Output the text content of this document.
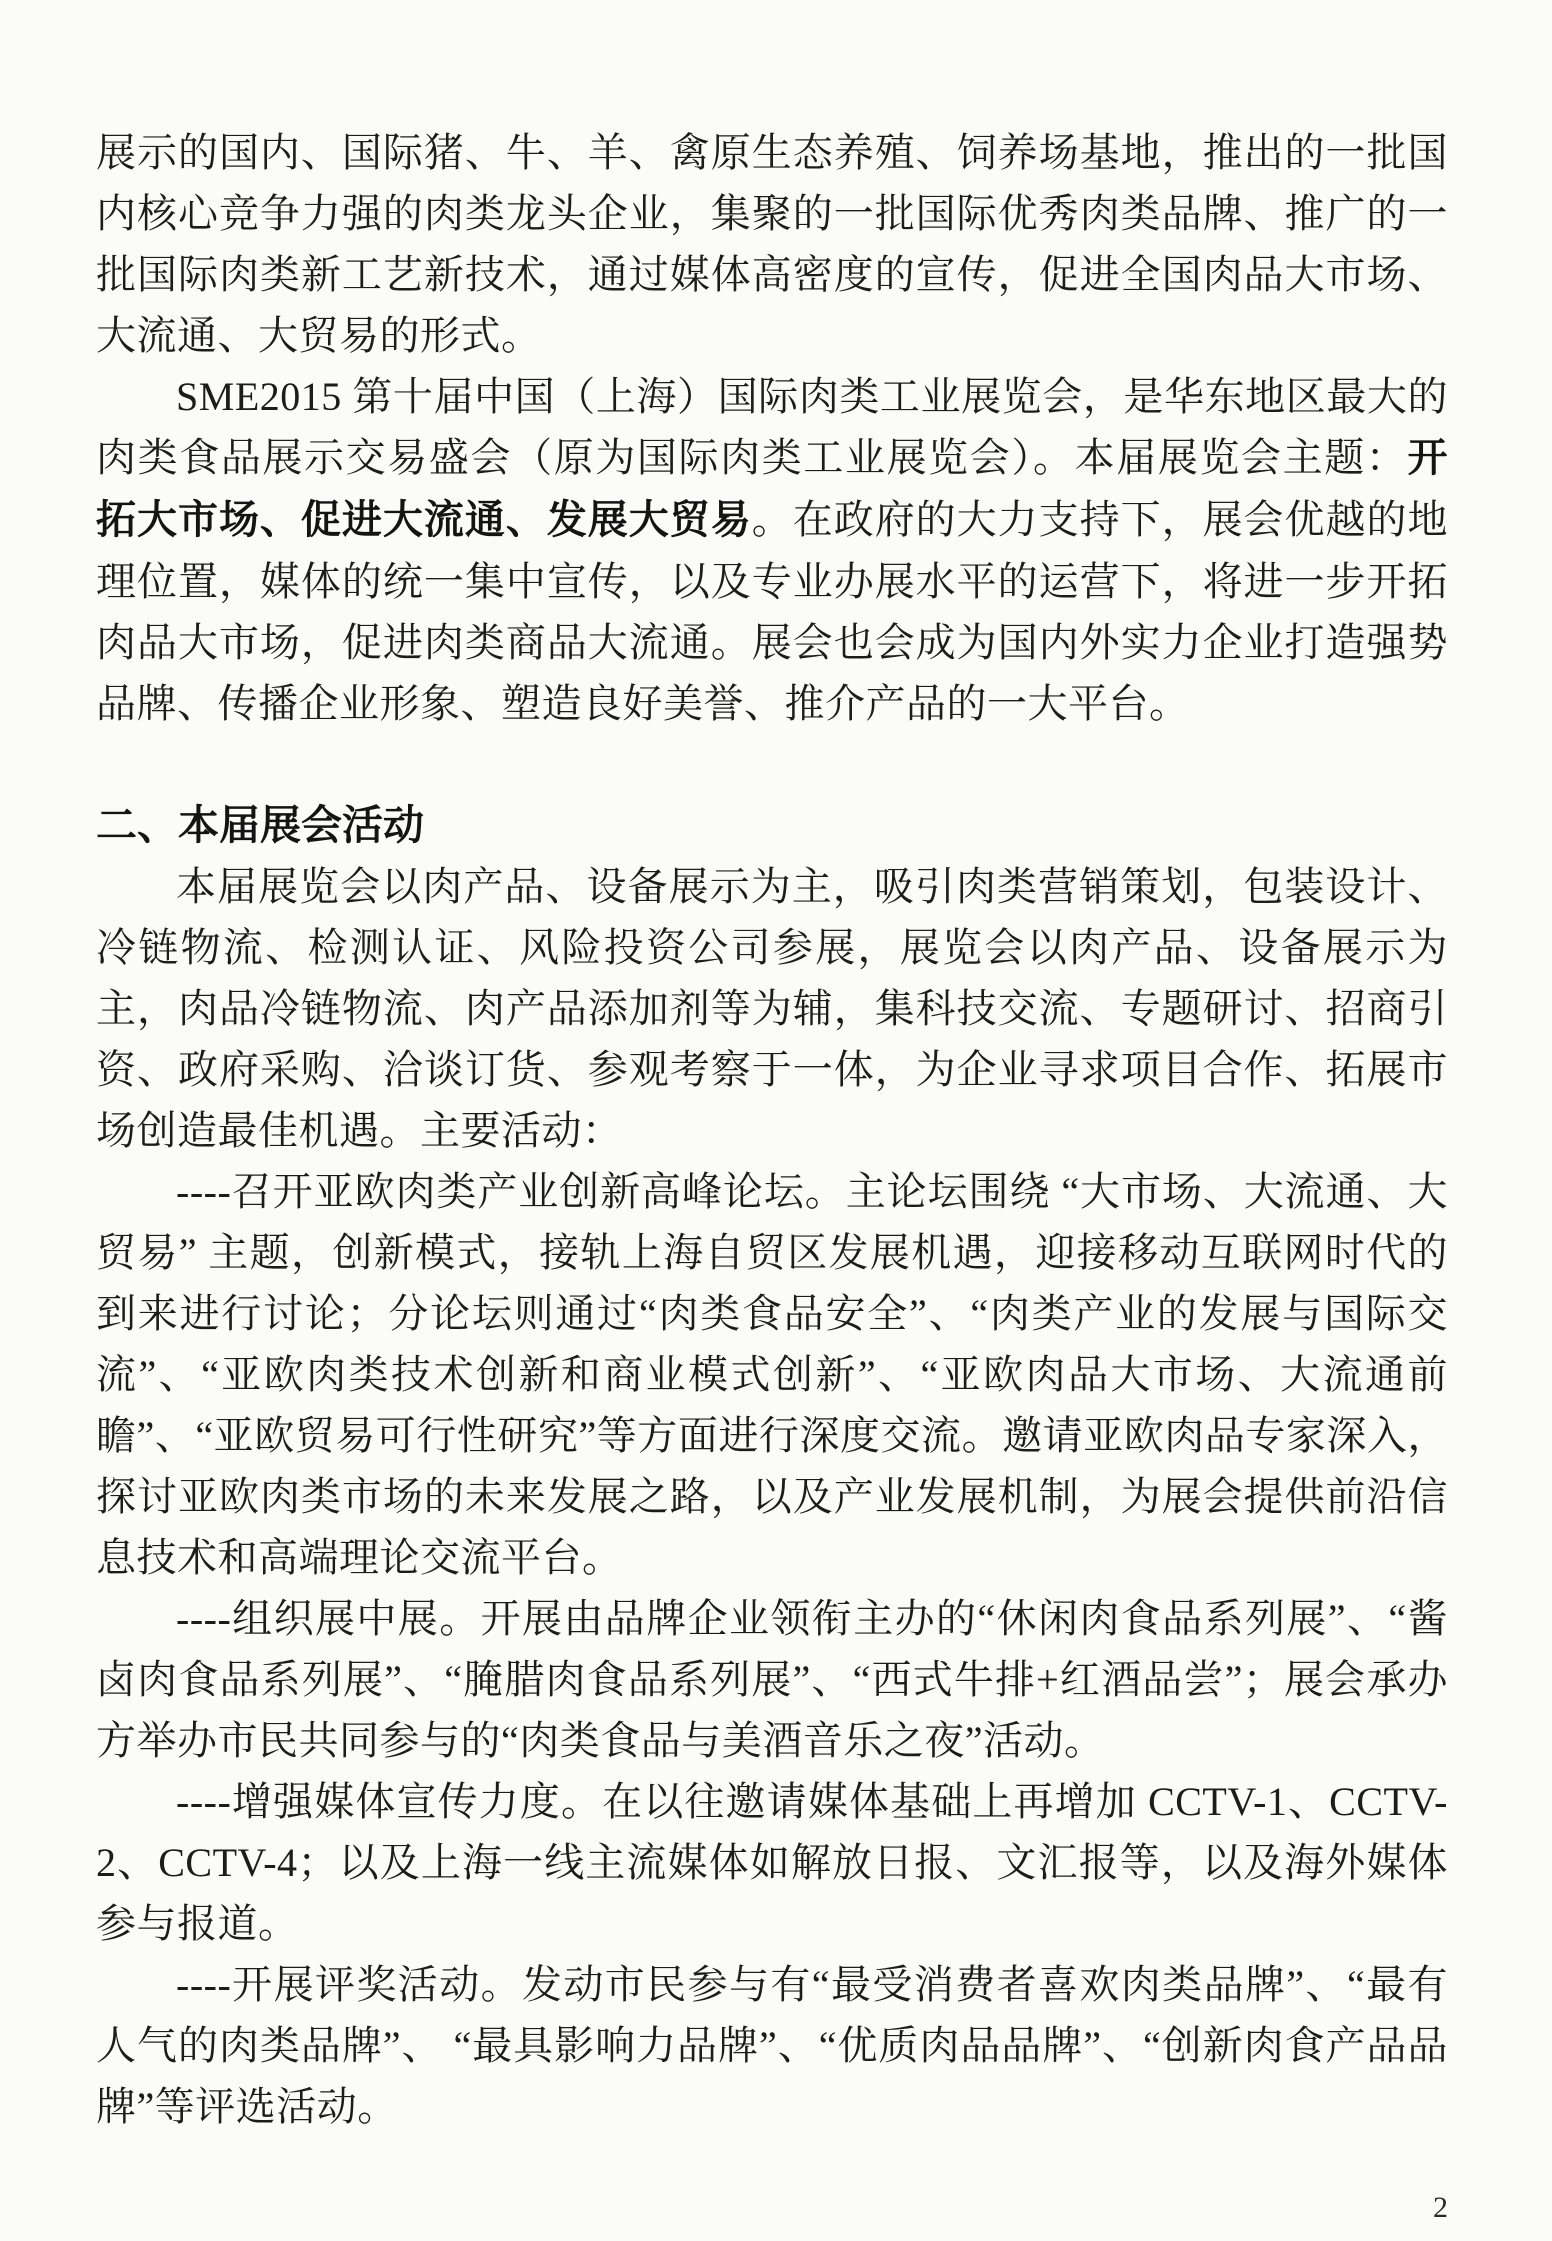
展示的国内、国际猪、牛、羊、禽原生态养殖、饲养场基地，推出的一批国内核心竞争力强的肉类龙头企业，集聚的一批国际优秀肉类品牌、推广的一批国际肉类新工艺新技术，通过媒体高密度的宣传，促进全国肉品大市场、大流通、大贸易的形式。

SME2015 第十届中国（上海）国际肉类工业展览会，是华东地区最大的肉类食品展示交易盛会（原为国际肉类工业展览会）。本届展览会主题：开拓大市场、促进大流通、发展大贸易。在政府的大力支持下，展会优越的地理位置，媒体的统一集中宣传，以及专业办展水平的运营下，将进一步开拓肉品大市场，促进肉类商品大流通。展会也会成为国内外实力企业打造强势品牌、传播企业形象、塑造良好美誉、推介产品的一大平台。

二、本届展会活动

本届展览会以肉产品、设备展示为主，吸引肉类营销策划，包装设计、冷链物流、检测认证、风险投资公司参展，展览会以肉产品、设备展示为主，肉品冷链物流、肉产品添加剂等为辅，集科技交流、专题研讨、招商引资、政府采购、洽谈订货、参观考察于一体，为企业寻求项目合作、拓展市场创造最佳机遇。主要活动：

----召开亚欧肉类产业创新高峰论坛。主论坛围绕 “大市场、大流通、大贸易” 主题，创新模式，接轨上海自贸区发展机遇，迎接移动互联网时代的到来进行讨论；分论坛则通过“肉类食品安全”、“肉类产业的发展与国际交流”、“亚欧肉类技术创新和商业模式创新”、“亚欧肉品大市场、大流通前瞻”、“亚欧贸易可行性研究”等方面进行深度交流。邀请亚欧肉品专家深入，探讨亚欧肉类市场的未来发展之路，以及产业发展机制，为展会提供前沿信息技术和高端理论交流平台。

----组织展中展。开展由品牌企业领衔主办的“休闲肉食品系列展”、“酱卤肉食品系列展”、“腌腊肉食品系列展”、“西式牛排+红酒品尝”；展会承办方举办市民共同参与的“肉类食品与美酒音乐之夜”活动。

----增强媒体宣传力度。在以往邀请媒体基础上再增加 CCTV-1、CCTV-2、CCTV-4；以及上海一线主流媒体如解放日报、文汇报等，以及海外媒体参与报道。

----开展评奖活动。发动市民参与有“最受消费者喜欢肉类品牌”、“最有人气的肉类品牌”、 “最具影响力品牌”、“优质肉品品牌”、“创新肉食产品品牌”等评选活动。

2
